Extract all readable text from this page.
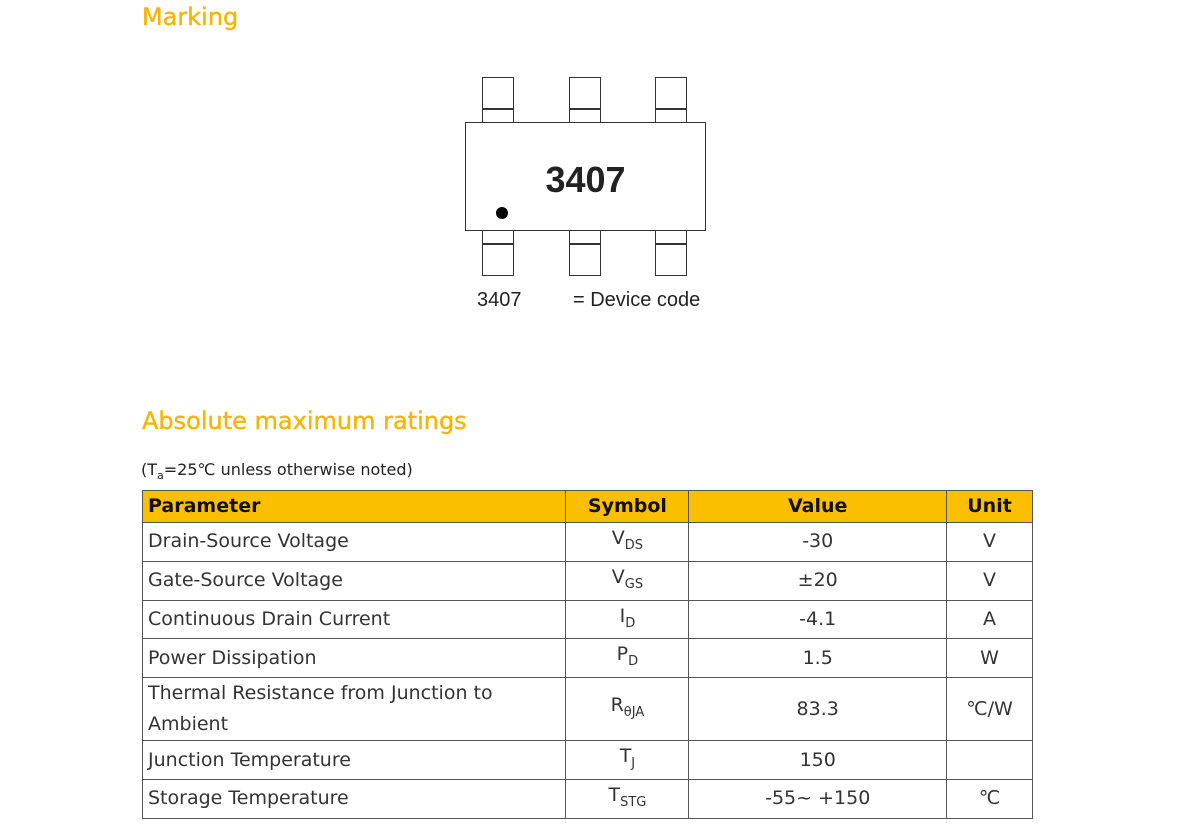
Marking
3407
3407	= Device code
Absolute maximum ratings
($T_a=25℃$ unless otherwise noted)
Parameter	Symbol	Value	Unit
Drain-Source Voltage	$V_{DS}$	-30	V
Gate-Source Voltage	$V_{GS}$	±20	V
Continuous Drain Current	$I_D$	-4.1	A
Power Dissipation	$P_D$	1.5	W
Thermal Resistance from Junction to Ambient	$R_{\theta JA}$	83.3	℃/W
Junction Temperature	$T_J$	150	
Storage Temperature	$T_{STG}$	-55~ +150	℃
